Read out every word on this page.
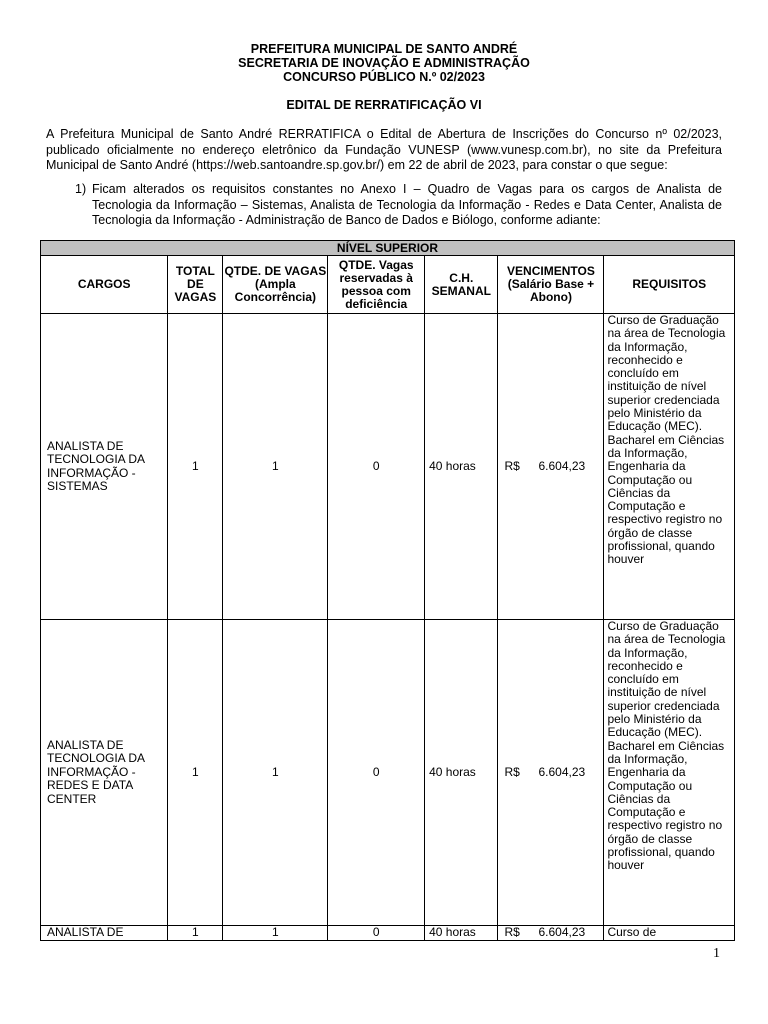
PREFEITURA MUNICIPAL DE SANTO ANDRÉ
SECRETARIA DE INOVAÇÃO E ADMINISTRAÇÃO
CONCURSO PÚBLICO N.º 02/2023
EDITAL DE RERRATIFICAÇÃO VI
A Prefeitura Municipal de Santo André RERRATIFICA o Edital de Abertura de Inscrições do Concurso nº 02/2023, publicado oficialmente no endereço eletrônico da Fundação VUNESP (www.vunesp.com.br), no site da Prefeitura Municipal de Santo André (https://web.santoandre.sp.gov.br/) em 22 de abril de 2023, para constar o que segue:
1) Ficam alterados os requisitos constantes no Anexo I – Quadro de Vagas para os cargos de Analista de Tecnologia da Informação – Sistemas, Analista de Tecnologia da Informação - Redes e Data Center, Analista de Tecnologia da Informação - Administração de Banco de Dados e Biólogo, conforme adiante:
NÍVEL SUPERIOR						
CARGOS	TOTAL DE VAGAS	QTDE. DE VAGAS (Ampla Concorrência)	QTDE. Vagas reservadas à pessoa com deficiência	C.H. SEMANAL	VENCIMENTOS (Salário Base + Abono)	REQUISITOS
ANALISTA DE TECNOLOGIA DA INFORMAÇÃO - SISTEMAS	1	1	0	40 horas	R$ 6.604,23	Curso de Graduação na área de Tecnologia da Informação, reconhecido e concluído em instituição de nível superior credenciada pelo Ministério da Educação (MEC). Bacharel em Ciências da Informação, Engenharia da Computação ou Ciências da Computação e respectivo registro no órgão de classe profissional, quando houver
ANALISTA DE TECNOLOGIA DA INFORMAÇÃO - REDES E DATA CENTER	1	1	0	40 horas	R$ 6.604,23	Curso de Graduação na área de Tecnologia da Informação, reconhecido e concluído em instituição de nível superior credenciada pelo Ministério da Educação (MEC). Bacharel em Ciências da Informação, Engenharia da Computação ou Ciências da Computação e respectivo registro no órgão de classe profissional, quando houver
ANALISTA DE	1	1	0	40 horas	R$ 6.604,23	Curso de
1
